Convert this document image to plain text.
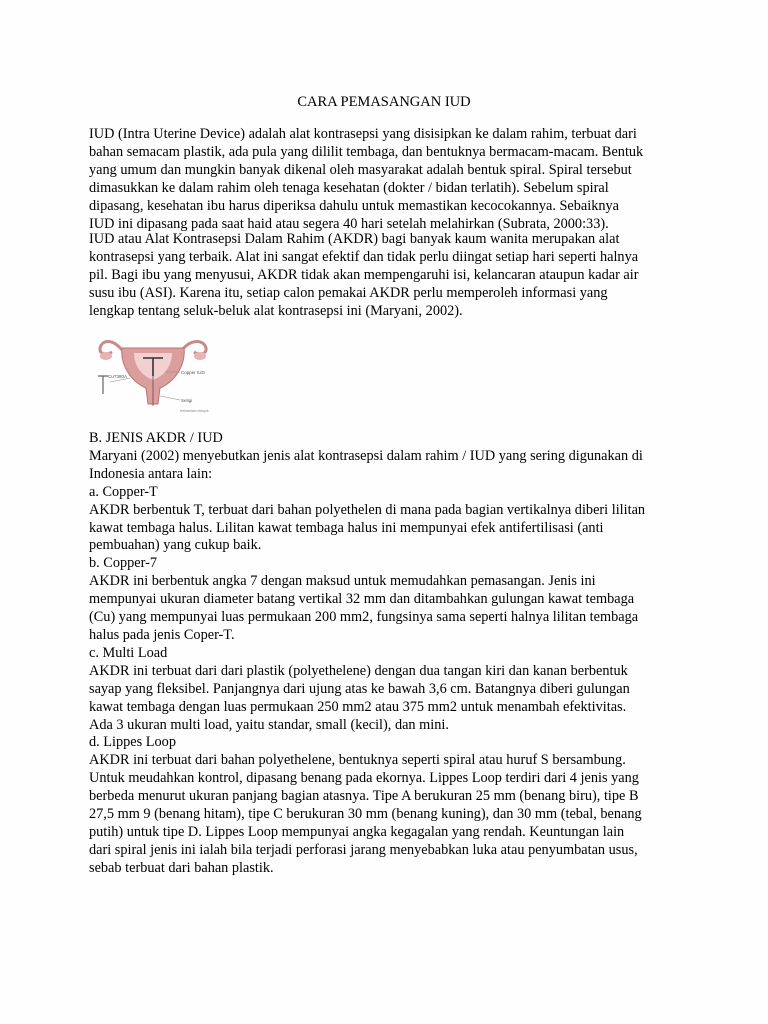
CARA PEMASANGAN IUD
IUD (Intra Uterine Device) adalah alat kontrasepsi yang disisipkan ke dalam rahim, terbuat dari
bahan semacam plastik, ada pula yang dililit tembaga, dan bentuknya bermacam-macam. Bentuk
yang umum dan mungkin banyak dikenal oleh masyarakat adalah bentuk spiral. Spiral tersebut
dimasukkan ke dalam rahim oleh tenaga kesehatan (dokter / bidan terlatih). Sebelum spiral
dipasang, kesehatan ibu harus diperiksa dahulu untuk memastikan kecocokannya. Sebaiknya
IUD ini dipasang pada saat haid atau segera 40 hari setelah melahirkan (Subrata, 2000:33).
IUD atau Alat Kontrasepsi Dalam Rahim (AKDR) bagi banyak kaum wanita merupakan alat
kontrasepsi yang terbaik. Alat ini sangat efektif dan tidak perlu diingat setiap hari seperti halnya
pil. Bagi ibu yang menyusui, AKDR tidak akan mempengaruhi isi, kelancaran ataupun kadar air
susu ibu (ASI). Karena itu, setiap calon pemakai AKDR perlu memperoleh informasi yang
lengkap tentang seluk-beluk alat kontrasepsi ini (Maryani, 2002).
CuT380A
Copper IUD
Setigi
Kehamilan ektopik
B. JENIS AKDR / IUD
Maryani (2002) menyebutkan jenis alat kontrasepsi dalam rahim / IUD yang sering digunakan di
Indonesia antara lain:
a. Copper-T
AKDR berbentuk T, terbuat dari bahan polyethelen di mana pada bagian vertikalnya diberi lilitan
kawat tembaga halus. Lilitan kawat tembaga halus ini mempunyai efek antifertilisasi (anti
pembuahan) yang cukup baik.
b. Copper-7
AKDR ini berbentuk angka 7 dengan maksud untuk memudahkan pemasangan. Jenis ini
mempunyai ukuran diameter batang vertikal 32 mm dan ditambahkan gulungan kawat tembaga
(Cu) yang mempunyai luas permukaan 200 mm2, fungsinya sama seperti halnya lilitan tembaga
halus pada jenis Coper-T.
c. Multi Load
AKDR ini terbuat dari dari plastik (polyethelene) dengan dua tangan kiri dan kanan berbentuk
sayap yang fleksibel. Panjangnya dari ujung atas ke bawah 3,6 cm. Batangnya diberi gulungan
kawat tembaga dengan luas permukaan 250 mm2 atau 375 mm2 untuk menambah efektivitas.
Ada 3 ukuran multi load, yaitu standar, small (kecil), dan mini.
d. Lippes Loop
AKDR ini terbuat dari bahan polyethelene, bentuknya seperti spiral atau huruf S bersambung.
Untuk meudahkan kontrol, dipasang benang pada ekornya. Lippes Loop terdiri dari 4 jenis yang
berbeda menurut ukuran panjang bagian atasnya. Tipe A berukuran 25 mm (benang biru), tipe B
27,5 mm 9 (benang hitam), tipe C berukuran 30 mm (benang kuning), dan 30 mm (tebal, benang
putih) untuk tipe D. Lippes Loop mempunyai angka kegagalan yang rendah. Keuntungan lain
dari spiral jenis ini ialah bila terjadi perforasi jarang menyebabkan luka atau penyumbatan usus,
sebab terbuat dari bahan plastik.
